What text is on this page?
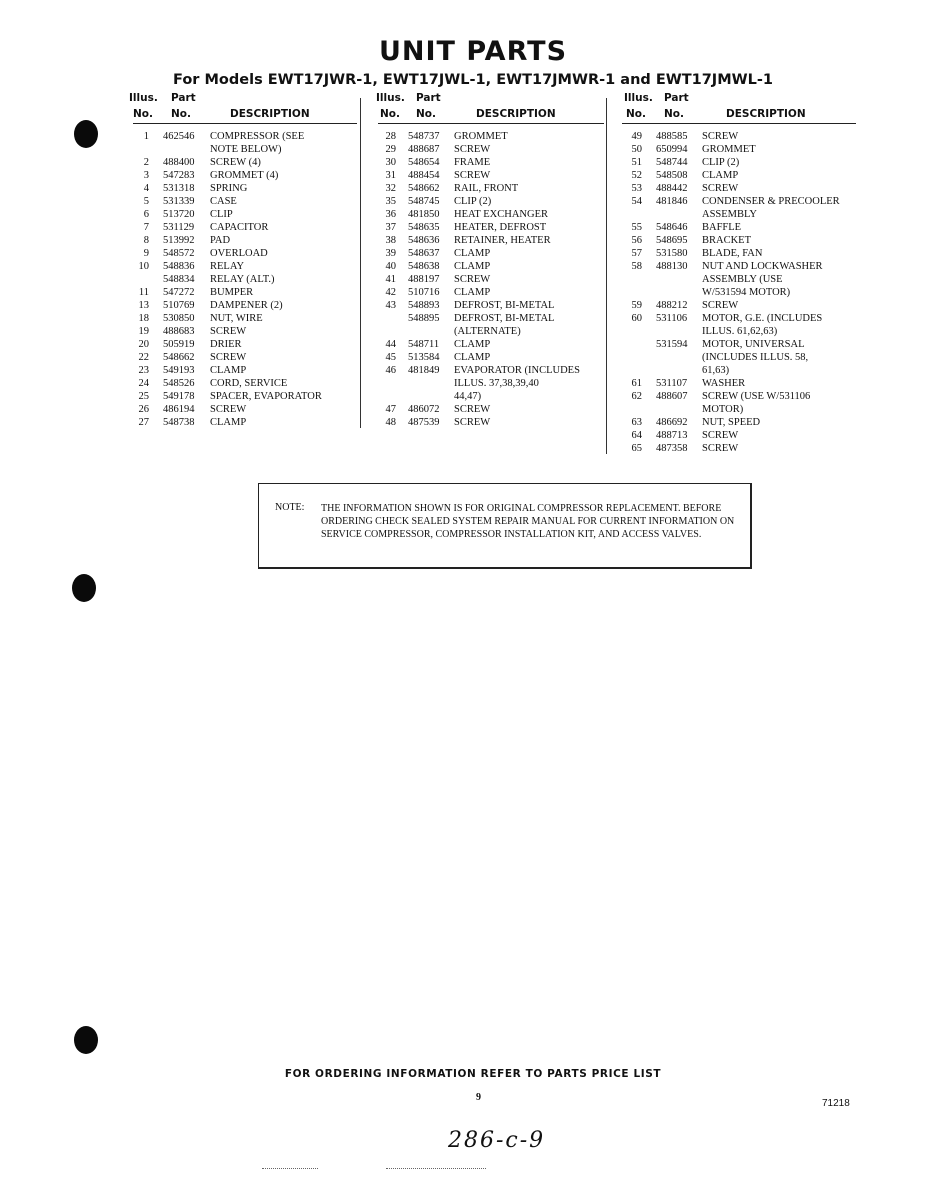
UNIT PARTS
For Models EWT17JWR-1, EWT17JWL-1, EWT17JMWR-1 and EWT17JMWL-1
Illus. Part
No. No.	DESCRIPTION
1 462546 COMPRESSOR (SEE
NOTE BELOW)
2 488400 SCREW (4)
3 547283 GROMMET (4)
4 531318 SPRING
5 531339 CASE
6 513720 CLIP
7 531129 CAPACITOR
8 513992 PAD
9 548572 OVERLOAD
10 548836 RELAY
548834 RELAY (ALT.)
11 547272 BUMPER
13 510769 DAMPENER (2)
18 530850 NUT, WIRE
19 488683 SCREW
20 505919 DRIER
22 548662 SCREW
23 549193 CLAMP
24 548526 CORD, SERVICE
25 549178 SPACER, EVAPORATOR
26 486194 SCREW
27 548738 CLAMP
Illus. Part
No. No.	DESCRIPTION
28 548737 GROMMET
29 488687 SCREW
30 548654 FRAME
31 488454 SCREW
32 548662 RAIL, FRONT
35 548745 CLIP (2)
36 481850 HEAT EXCHANGER
37 548635 HEATER, DEFROST
38 548636 RETAINER, HEATER
39 548637 CLAMP
40 548638 CLAMP
41 488197 SCREW
42 510716 CLAMP
43 548893 DEFROST, BI-METAL
548895 DEFROST, BI-METAL
(ALTERNATE)
44 548711 CLAMP
45 513584 CLAMP
46 481849 EVAPORATOR (INCLUDES
ILLUS. 37,38,39,40
44,47)
47 486072 SCREW
48 487539 SCREW
Illus. Part
No. No.	DESCRIPTION
49 488585 SCREW
50 650994 GROMMET
51 548744 CLIP (2)
52 548508 CLAMP
53 488442 SCREW
54 481846 CONDENSER & PRECOOLER
ASSEMBLY
55 548646 BAFFLE
56 548695 BRACKET
57 531580 BLADE, FAN
58 488130 NUT AND LOCKWASHER
ASSEMBLY (USE
W/531594 MOTOR)
59 488212 SCREW
60 531106 MOTOR, G.E. (INCLUDES
ILLUS. 61,62,63)
531594 MOTOR, UNIVERSAL
(INCLUDES ILLUS. 58,
61,63)
61 531107 WASHER
62 488607 SCREW (USE W/531106
MOTOR)
63 486692 NUT, SPEED
64 488713 SCREW
65 487358 SCREW
NOTE: THE INFORMATION SHOWN IS FOR ORIGINAL COMPRESSOR REPLACEMENT. BEFORE ORDERING CHECK SEALED SYSTEM REPAIR MANUAL FOR CURRENT INFORMATION ON SERVICE COMPRESSOR, COMPRESSOR INSTALLATION KIT, AND ACCESS VALVES.
FOR ORDERING INFORMATION REFER TO PARTS PRICE LIST
9
71218
286-c-9
